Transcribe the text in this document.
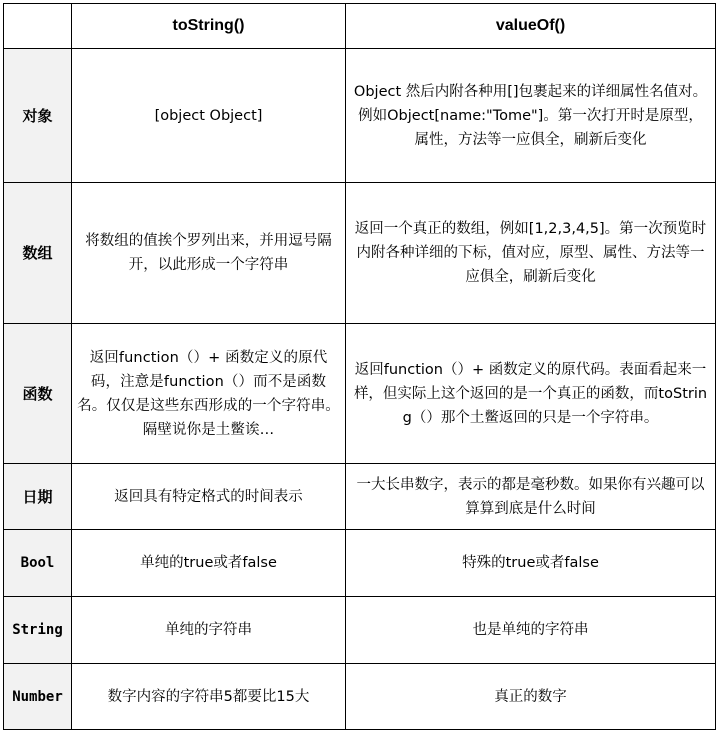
	toString()	valueOf()
对象	[object Object]	Object 然后内附各种用[]包裹起来的详细属性名值对。例如Object[name:"Tome"]。第一次打开时是原型，属性，方法等一应俱全，刷新后变化
数组	将数组的值挨个罗列出来，并用逗号隔开，以此形成一个字符串	返回一个真正的数组，例如[1,2,3,4,5]。第一次预览时内附各种详细的下标，值对应，原型、属性、方法等一应俱全，刷新后变化
函数	返回function（）+ 函数定义的原代码，注意是function（）而不是函数名。仅仅是这些东西形成的一个字符串。隔壁说你是土鳖诶…	返回function（）+ 函数定义的原代码。表面看起来一样，但实际上这个返回的是一个真正的函数，而toString（）那个土鳖返回的只是一个字符串。
日期	返回具有特定格式的时间表示	一大长串数字，表示的都是毫秒数。如果你有兴趣可以算算到底是什么时间
Bool	单纯的true或者false	特殊的true或者false
String	单纯的字符串	也是单纯的字符串
Number	数字内容的字符串5都要比15大	真正的数字
